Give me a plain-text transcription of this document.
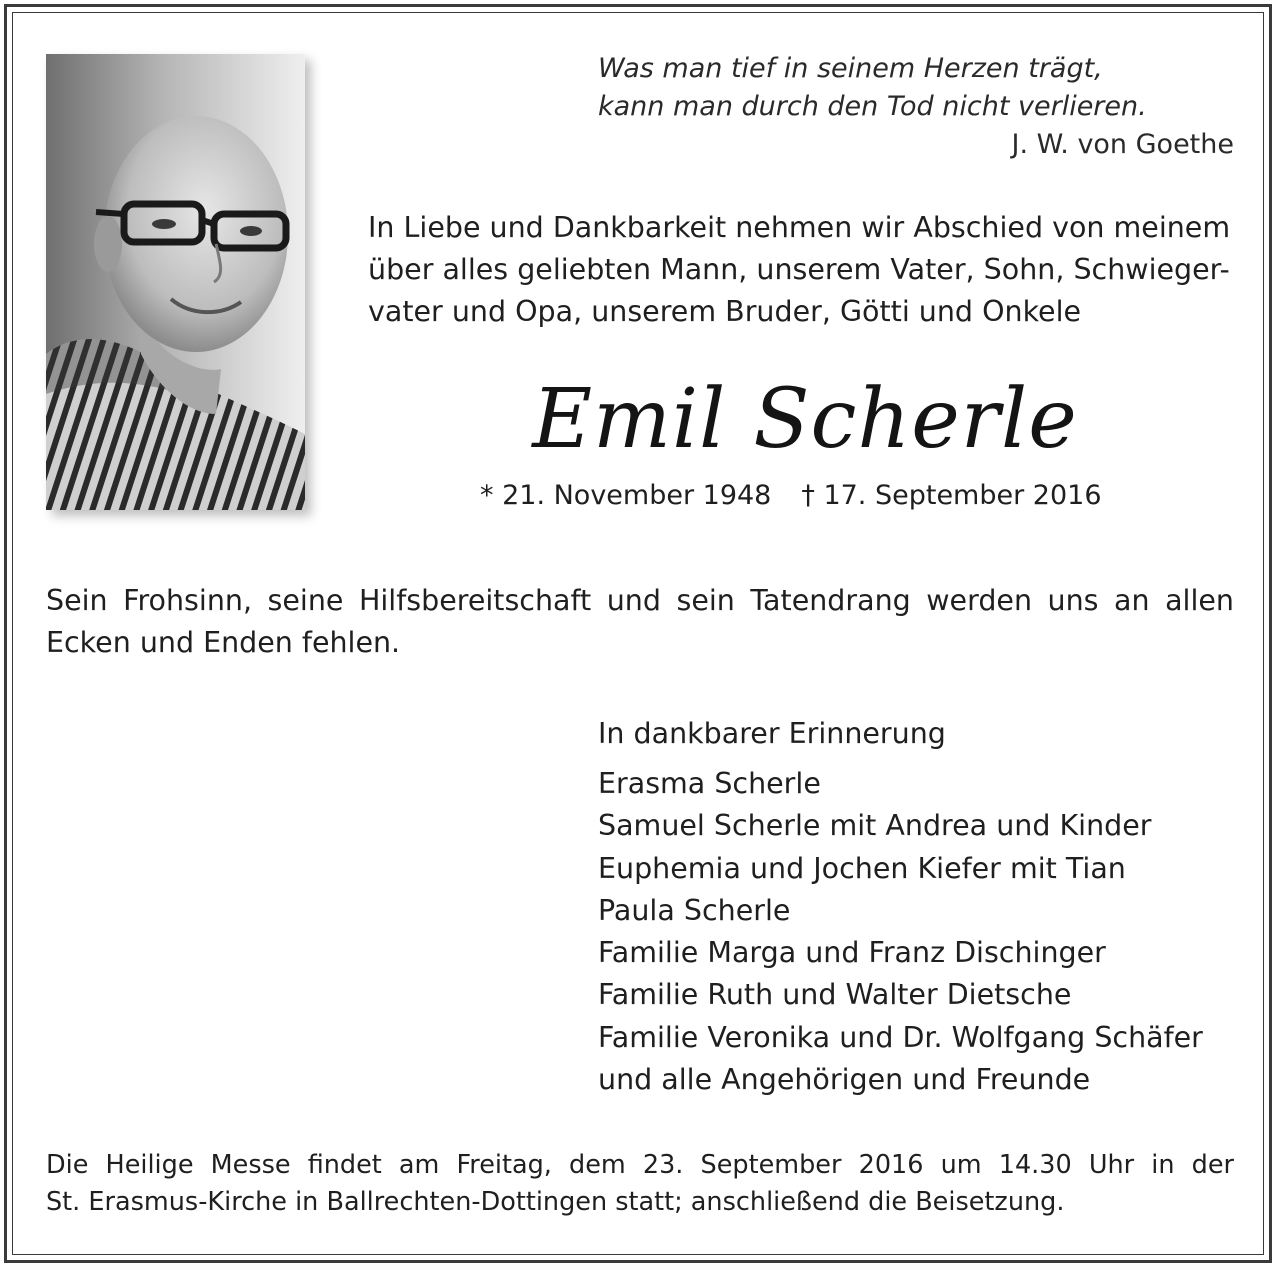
Was man tief in seinem Herzen trägt,
kann man durch den Tod nicht verlieren.
J. W. von Goethe
In Liebe und Dankbarkeit nehmen wir Abschied von meinem
über alles geliebten Mann, unserem Vater, Sohn, Schwieger-
vater und Opa, unserem Bruder, Götti und Onkele
Emil Scherle
* 21. November 1948 † 17. September 2016
Sein Frohsinn, seine Hilfsbereitschaft und sein Tatendrang werden uns an allen
Ecken und Enden fehlen.
In dankbarer Erinnerung
Erasma Scherle
Samuel Scherle mit Andrea und Kinder
Euphemia und Jochen Kiefer mit Tian
Paula Scherle
Familie Marga und Franz Dischinger
Familie Ruth und Walter Dietsche
Familie Veronika und Dr. Wolfgang Schäfer
und alle Angehörigen und Freunde
Die Heilige Messe findet am Freitag, dem 23. September 2016 um 14.30 Uhr in der
St. Erasmus-Kirche in Ballrechten-Dottingen statt; anschließend die Beisetzung.
